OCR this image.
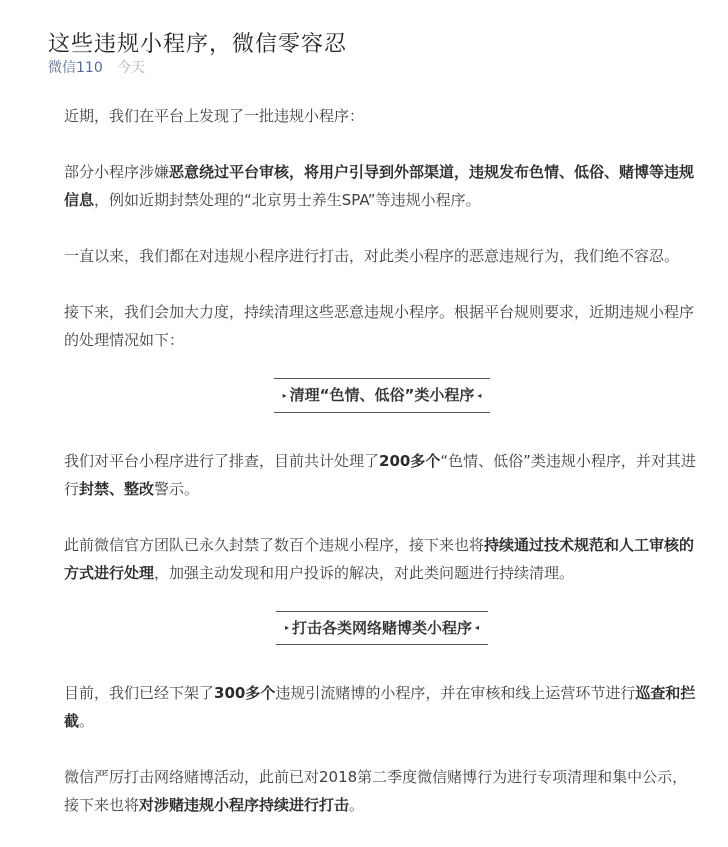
这些违规小程序，微信零容忍
微信110 今天

近期，我们在平台上发现了一批违规小程序：

部分小程序涉嫌恶意绕过平台审核，将用户引导到外部渠道，违规发布色情、低俗、赌博等违规信息，例如近期封禁处理的“北京男士养生SPA”等违规小程序。

一直以来，我们都在对违规小程序进行打击，对此类小程序的恶意违规行为，我们绝不容忍。

接下来，我们会加大力度，持续清理这些恶意违规小程序。根据平台规则要求，近期违规小程序的处理情况如下：

▸ 清理“色情、低俗”类小程序 ◂

我们对平台小程序进行了排查，目前共计处理了200多个“色情、低俗”类违规小程序，并对其进行封禁、整改警示。

此前微信官方团队已永久封禁了数百个违规小程序，接下来也将持续通过技术规范和人工审核的方式进行处理，加强主动发现和用户投诉的解决，对此类问题进行持续清理。

▸ 打击各类网络赌博类小程序 ◂

目前，我们已经下架了300多个违规引流赌博的小程序，并在审核和线上运营环节进行巡查和拦截。

微信严厉打击网络赌博活动，此前已对2018第二季度微信赌博行为进行专项清理和集中公示，接下来也将对涉赌违规小程序持续进行打击。
